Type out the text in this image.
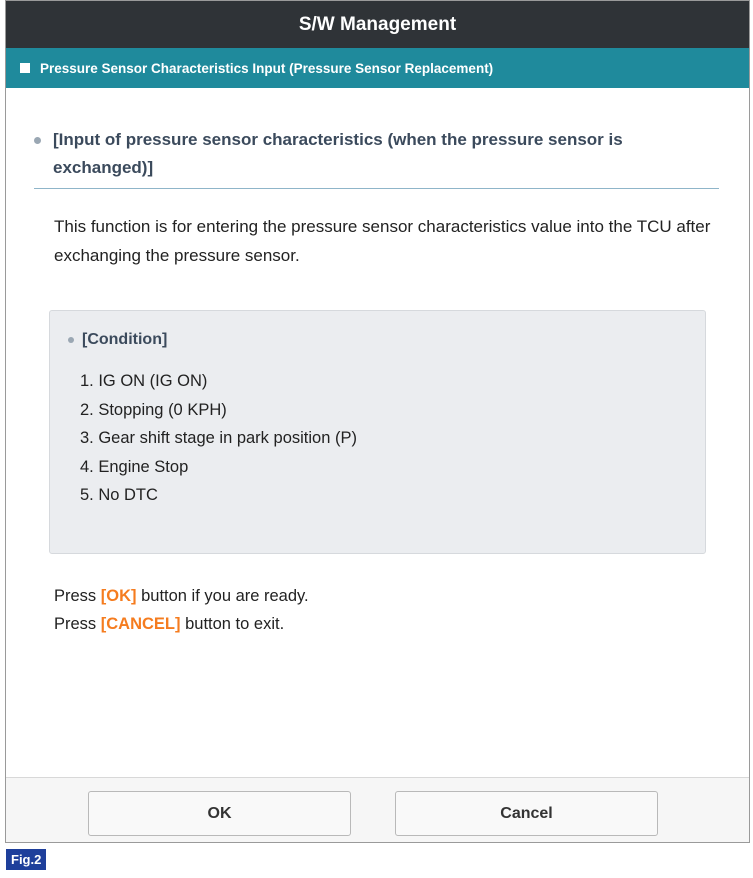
S/W Management
Pressure Sensor Characteristics Input (Pressure Sensor Replacement)
[Input of pressure sensor characteristics (when the pressure sensor is exchanged)]
This function is for entering the pressure sensor characteristics value into the TCU after exchanging the pressure sensor.
[Condition]
1. IG ON (IG ON)
2. Stopping (0 KPH)
3. Gear shift stage in park position (P)
4. Engine Stop
5. No DTC
Press [OK] button if you are ready.
Press [CANCEL] button to exit.
OK	Cancel
Fig.2
